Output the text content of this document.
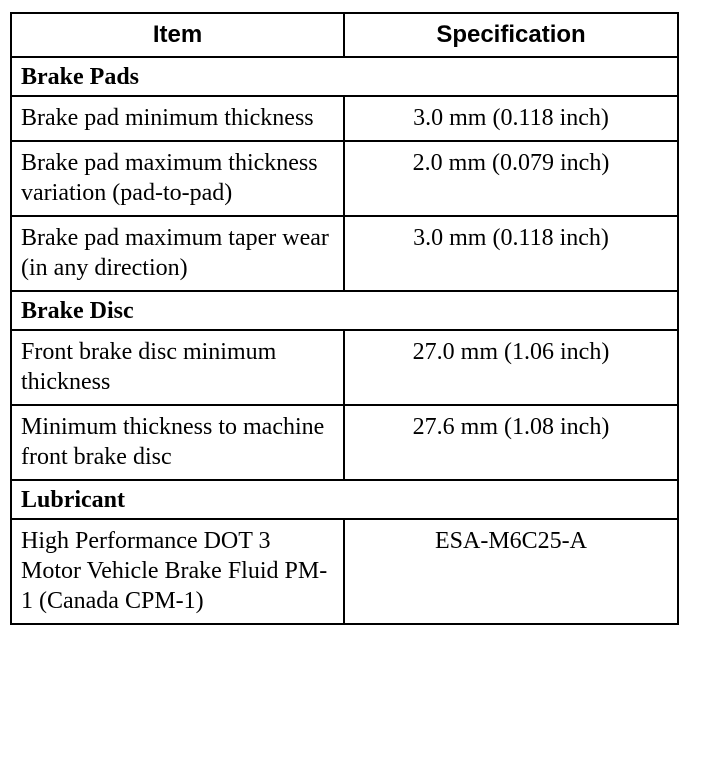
Item	Specification
Brake Pads	
Brake pad minimum thickness	3.0 mm (0.118 inch)
Brake pad maximum thickness variation (pad-to-pad)	2.0 mm (0.079 inch)
Brake pad maximum taper wear (in any direction)	3.0 mm (0.118 inch)
Brake Disc	
Front brake disc minimum thickness	27.0 mm (1.06 inch)
Minimum thickness to machine front brake disc	27.6 mm (1.08 inch)
Lubricant	
High Performance DOT 3 Motor Vehicle Brake Fluid PM-1 (Canada CPM-1)	ESA-M6C25-A
